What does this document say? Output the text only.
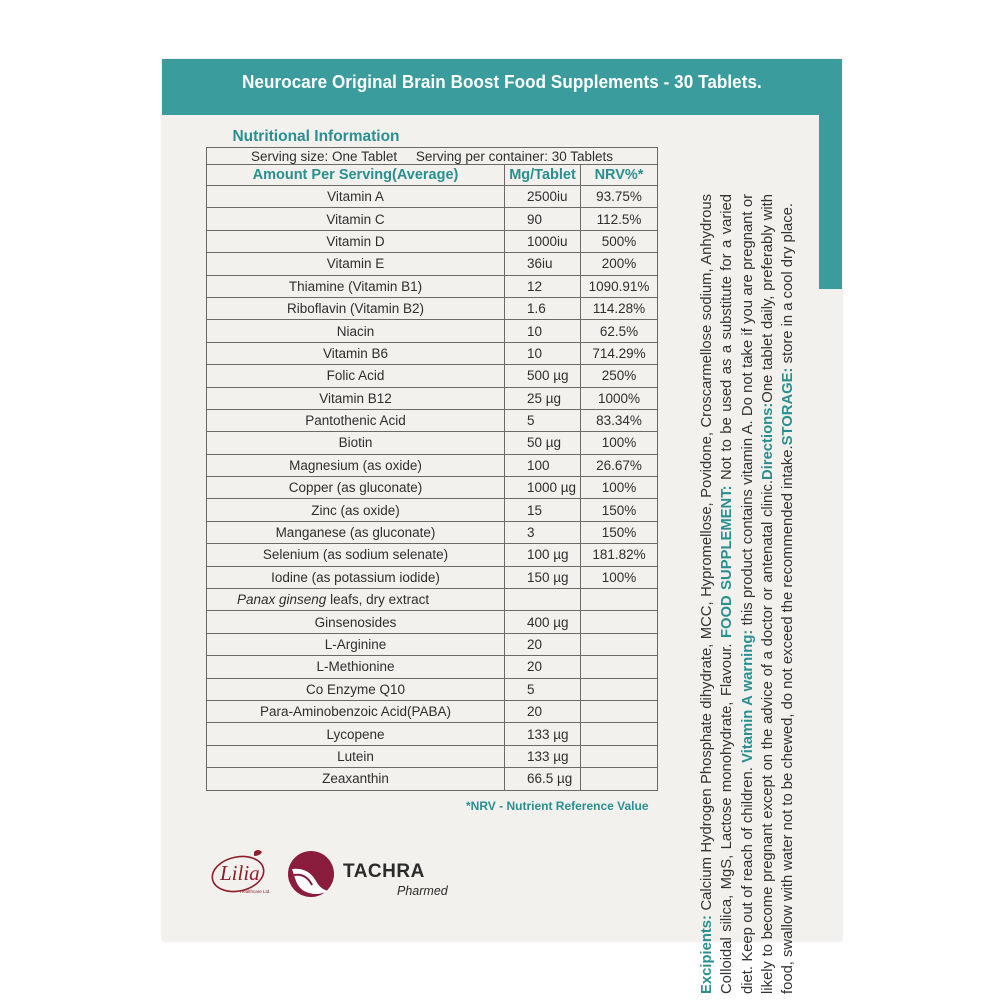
Neurocare Original Brain Boost Food Supplements - 30 Tablets.
Nutritional Information
Serving size: One Tablet Serving per container: 30 Tablets		
Amount Per Serving(Average)	Mg/Tablet	NRV%*
Vitamin A	2500iu	93.75%
Vitamin C	90	112.5%
Vitamin D	1000iu	500%
Vitamin E	36iu	200%
Thiamine (Vitamin B1)	12	1090.91%
Riboflavin (Vitamin B2)	1.6	114.28%
Niacin	10	62.5%
Vitamin B6	10	714.29%
Folic Acid	500 µg	250%
Vitamin B12	25 µg	1000%
Pantothenic Acid	5	83.34%
Biotin	50 µg	100%
Magnesium (as oxide)	100	26.67%
Copper (as gluconate)	1000 µg	100%
Zinc (as oxide)	15	150%
Manganese (as gluconate)	3	150%
Selenium (as sodium selenate)	100 µg	181.82%
Iodine (as potassium iodide)	150 µg	100%
Panax ginseng leafs, dry extract		
Ginsenosides	400 µg	
L-Arginine	20	
L-Methionine	20	
Co Enzyme Q10	5	
Para-Aminobenzoic Acid(PABA)	20	
Lycopene	133 µg	
Lutein	133 µg	
Zeaxanthin	66.5 µg	
*NRV - Nutrient Reference Value
Lilia
Healthcare Ltd.
TACHRA
Pharmed
Excipients: Calcium Hydrogen Phosphate dihydrate, MCC, Hypromellose, Povidone, Croscarmellose sodium, Anhydrous Colloidal silica, MgS, Lactose monohydrate, Flavour. FOOD SUPPLEMENT: Not to be used as a substitute for a varied diet. Keep out of reach of children. Vitamin A warning: this product contains vitamin A. Do not take if you are pregnant or likely to become pregnant except on the advice of a doctor or antenatal clinic.Directions:One tablet daily, preferably with food, swallow with water not to be chewed, do not exceed the recommended intake.STORAGE: store in a cool dry place.
